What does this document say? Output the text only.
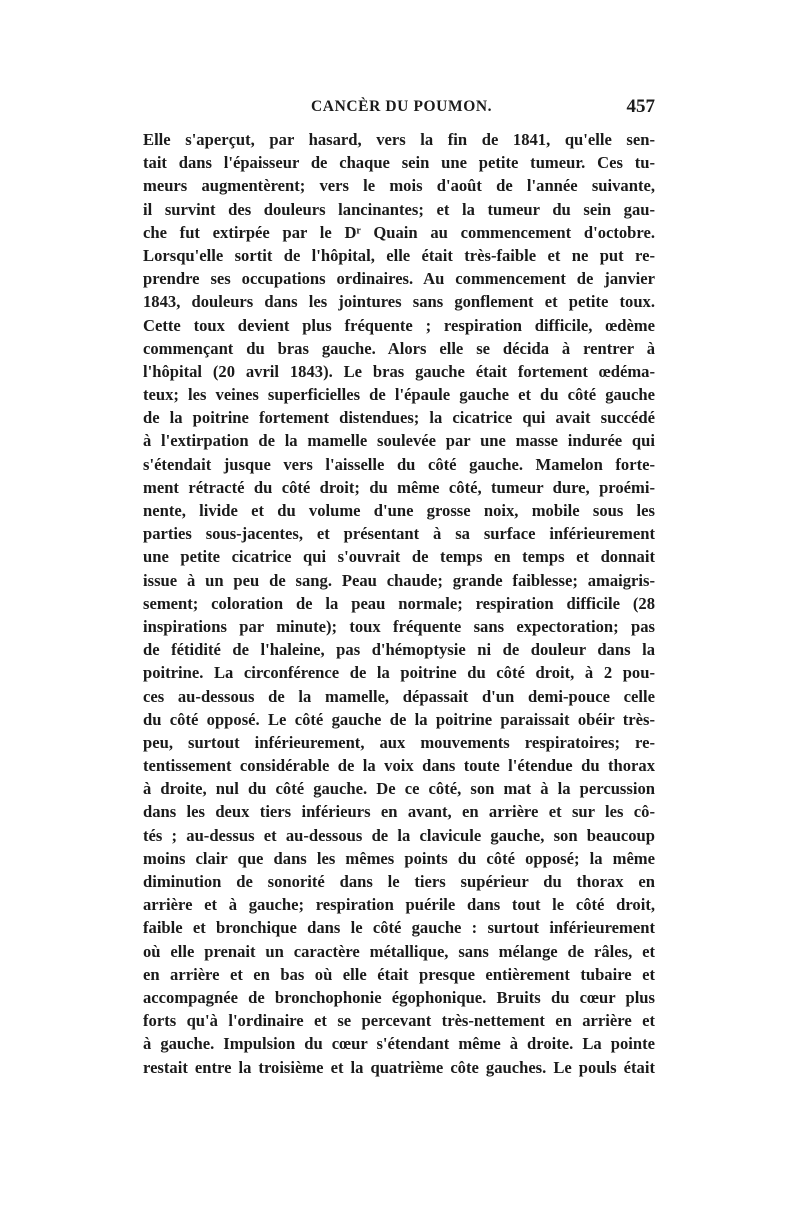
CANCÈR DU POUMON.	457
Elle s'aperçut, par hasard, vers la fin de 1841, qu'elle sen-
tait dans l'épaisseur de chaque sein une petite tumeur. Ces tu-
meurs augmentèrent; vers le mois d'août de l'année suivante,
il survint des douleurs lancinantes; et la tumeur du sein gau-
che fut extirpée par le Dʳ Quain au commencement d'octobre.
Lorsqu'elle sortit de l'hôpital, elle était très-faible et ne put re-
prendre ses occupations ordinaires. Au commencement de janvier
1843, douleurs dans les jointures sans gonflement et petite toux.
Cette toux devient plus fréquente ; respiration difficile, œdème
commençant du bras gauche. Alors elle se décida à rentrer à
l'hôpital (20 avril 1843). Le bras gauche était fortement œdéma-
teux; les veines superficielles de l'épaule gauche et du côté gauche
de la poitrine fortement distendues; la cicatrice qui avait succédé
à l'extirpation de la mamelle soulevée par une masse indurée qui
s'étendait jusque vers l'aisselle du côté gauche. Mamelon forte-
ment rétracté du côté droit; du même côté, tumeur dure, proémi-
nente, livide et du volume d'une grosse noix, mobile sous les
parties sous-jacentes, et présentant à sa surface inférieurement
une petite cicatrice qui s'ouvrait de temps en temps et donnait
issue à un peu de sang. Peau chaude; grande faiblesse; amaigris-
sement; coloration de la peau normale; respiration difficile (28
inspirations par minute); toux fréquente sans expectoration; pas
de fétidité de l'haleine, pas d'hémoptysie ni de douleur dans la
poitrine. La circonférence de la poitrine du côté droit, à 2 pou-
ces au-dessous de la mamelle, dépassait d'un demi-pouce celle
du côté opposé. Le côté gauche de la poitrine paraissait obéir très-
peu, surtout inférieurement, aux mouvements respiratoires; re-
tentissement considérable de la voix dans toute l'étendue du thorax
à droite, nul du côté gauche. De ce côté, son mat à la percussion
dans les deux tiers inférieurs en avant, en arrière et sur les cô-
tés ; au-dessus et au-dessous de la clavicule gauche, son beaucoup
moins clair que dans les mêmes points du côté opposé; la même
diminution de sonorité dans le tiers supérieur du thorax en
arrière et à gauche; respiration puérile dans tout le côté droit,
faible et bronchique dans le côté gauche : surtout inférieurement
où elle prenait un caractère métallique, sans mélange de râles, et
en arrière et en bas où elle était presque entièrement tubaire et
accompagnée de bronchophonie égophonique. Bruits du cœur plus
forts qu'à l'ordinaire et se percevant très-nettement en arrière et
à gauche. Impulsion du cœur s'étendant même à droite. La pointe
restait entre la troisième et la quatrième côte gauches. Le pouls était
